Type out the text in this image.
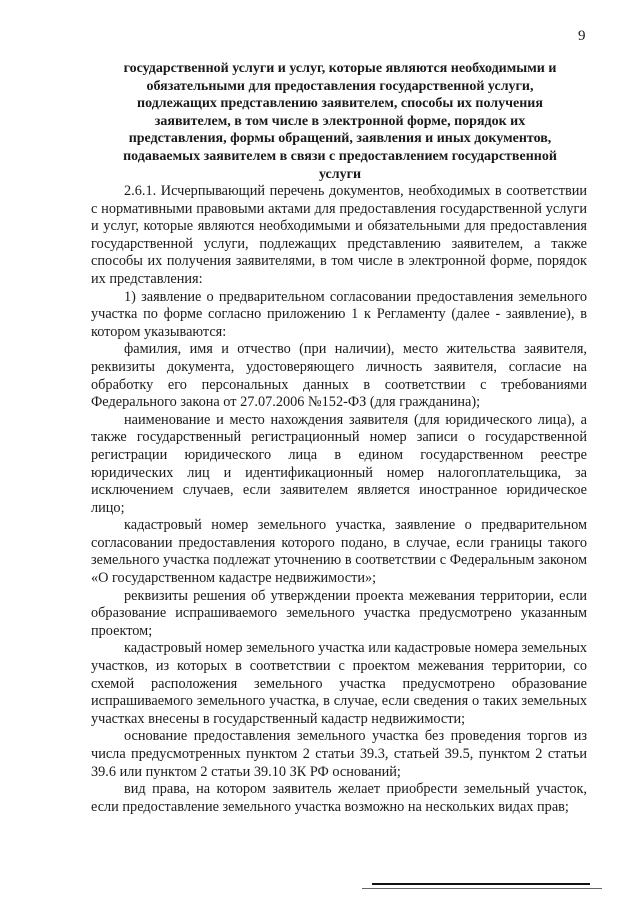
9
государственной услуги и услуг, которые являются необходимыми и
обязательными для предоставления государственной услуги,
подлежащих представлению заявителем, способы их получения
заявителем, в том числе в электронной форме, порядок их
представления, формы обращений, заявления и иных документов,
подаваемых заявителем в связи с предоставлением государственной
услуги

2.6.1. Исчерпывающий перечень документов, необходимых в соответствии с нормативными правовыми актами для предоставления государственной услуги и услуг, которые являются необходимыми и обязательными для предоставления государственной услуги, подлежащих представлению заявителем, а также способы их получения заявителями, в том числе в электронной форме, порядок их представления:

1) заявление о предварительном согласовании предоставления земельного участка по форме согласно приложению 1 к Регламенту (далее - заявление), в котором указываются:

фамилия, имя и отчество (при наличии), место жительства заявителя, реквизиты документа, удостоверяющего личность заявителя, согласие на обработку его персональных данных в соответствии с требованиями Федерального закона от 27.07.2006 №152-ФЗ (для гражданина);

наименование и место нахождения заявителя (для юридического лица), а также государственный регистрационный номер записи о государственной регистрации юридического лица в едином государственном реестре юридических лиц и идентификационный номер налогоплательщика, за исключением случаев, если заявителем является иностранное юридическое лицо;

кадастровый номер земельного участка, заявление о предварительном согласовании предоставления которого подано, в случае, если границы такого земельного участка подлежат уточнению в соответствии с Федеральным законом «О государственном кадастре недвижимости»;

реквизиты решения об утверждении проекта межевания территории, если образование испрашиваемого земельного участка предусмотрено указанным проектом;

кадастровый номер земельного участка или кадастровые номера земельных участков, из которых в соответствии с проектом межевания территории, со схемой расположения земельного участка предусмотрено образование испрашиваемого земельного участка, в случае, если сведения о таких земельных участках внесены в государственный кадастр недвижимости;

основание предоставления земельного участка без проведения торгов из числа предусмотренных пунктом 2 статьи 39.3, статьей 39.5, пунктом 2 статьи 39.6 или пунктом 2 статьи 39.10 ЗК РФ оснований;

вид права, на котором заявитель желает приобрести земельный участок, если предоставление земельного участка возможно на нескольких видах прав;
